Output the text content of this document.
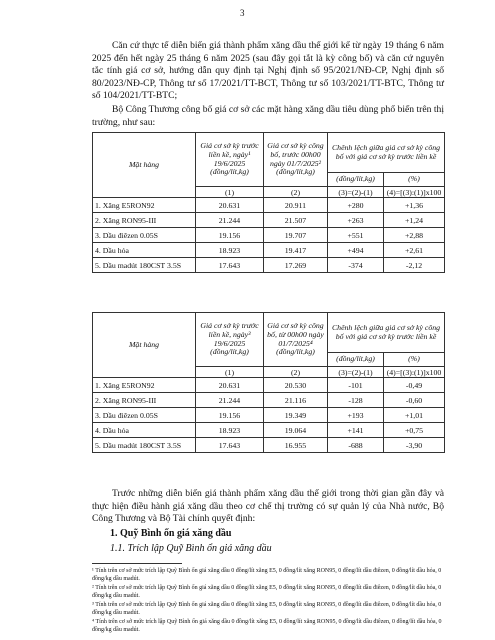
3

Căn cứ thực tế diễn biến giá thành phẩm xăng dầu thế giới kể từ ngày 19 tháng 6 năm 2025 đến hết ngày 25 tháng 6 năm 2025 (sau đây gọi tắt là kỳ công bố) và căn cứ nguyên tắc tính giá cơ sở, hướng dẫn quy định tại Nghị định số 95/2021/NĐ-CP, Nghị định số 80/2023/NĐ-CP, Thông tư số 17/2021/TT-BCT, Thông tư số 103/2021/TT-BTC, Thông tư số 104/2021/TT-BTC;

Bộ Công Thương công bố giá cơ sở các mặt hàng xăng dầu tiêu dùng phổ biến trên thị trường, như sau:

Mặt hàng	Giá cơ sở kỳ trước liền kề, ngày¹ 19/6/2025 (đồng/lít,kg)	Giá cơ sở kỳ công bố, trước 00h00 ngày 01/7/2025² (đồng/lít,kg)	Chênh lệch giữa giá cơ sở kỳ công bố với giá cơ sở kỳ trước liền kề	
			(đồng/lít,kg)	(%)
	(1)	(2)	(3)=(2)-(1)	(4)=[(3):(1)]x100
1. Xăng E5RON92	20.631	20.911	+280	+1,36
2. Xăng RON95-III	21.244	21.507	+263	+1,24
3. Dầu điêzen 0.05S	19.156	19.707	+551	+2,88
4. Dầu hỏa	18.923	19.417	+494	+2,61
5. Dầu madút 180CST 3.5S	17.643	17.269	-374	-2,12
Mặt hàng	Giá cơ sở kỳ trước liền kề, ngày³ 19/6/2025 (đồng/lít,kg)	Giá cơ sở kỳ công bố, từ 00h00 ngày 01/7/2025⁴ (đồng/lít,kg)	Chênh lệch giữa giá cơ sở kỳ công bố với giá cơ sở kỳ trước liền kề	
			(đồng/lít,kg)	(%)
	(1)	(2)	(3)=(2)-(1)	(4)=[(3):(1)]x100
1. Xăng E5RON92	20.631	20.530	-101	-0,49
2. Xăng RON95-III	21.244	21.116	-128	-0,60
3. Dầu điêzen 0.05S	19.156	19.349	+193	+1,01
4. Dầu hỏa	18.923	19.064	+141	+0,75
5. Dầu madút 180CST 3.5S	17.643	16.955	-688	-3,90

Trước những diễn biến giá thành phẩm xăng dầu thế giới trong thời gian gần đây và thực hiện điều hành giá xăng dầu theo cơ chế thị trường có sự quản lý của Nhà nước, Bộ Công Thương và Bộ Tài chính quyết định:

1. Quỹ Bình ổn giá xăng dầu
1.1. Trích lập Quỹ Bình ổn giá xăng dầu

¹ Tính trên cơ sở mức trích lập Quỹ Bình ổn giá xăng dầu 0 đồng/lít xăng E5, 0 đồng/lít xăng RON95, 0 đồng/lít dầu điêzen, 0 đồng/lít dầu hỏa, 0 đồng/kg dầu madút.

² Tính trên cơ sở mức trích lập Quỹ Bình ổn giá xăng dầu 0 đồng/lít xăng E5, 0 đồng/lít xăng RON95, 0 đồng/lít dầu điêzen, 0 đồng/lít dầu hỏa, 0 đồng/kg dầu madút.

³ Tính trên cơ sở mức trích lập Quỹ Bình ổn giá xăng dầu 0 đồng/lít xăng E5, 0 đồng/lít xăng RON95, 0 đồng/lít dầu điêzen, 0 đồng/lít dầu hỏa, 0 đồng/kg dầu madút.

⁴ Tính trên cơ sở mức trích lập Quỹ Bình ổn giá xăng dầu 0 đồng/lít xăng E5, 0 đồng/lít xăng RON95, 0 đồng/lít dầu điêzen, 0 đồng/lít dầu hỏa, 0 đồng/kg dầu madút.
